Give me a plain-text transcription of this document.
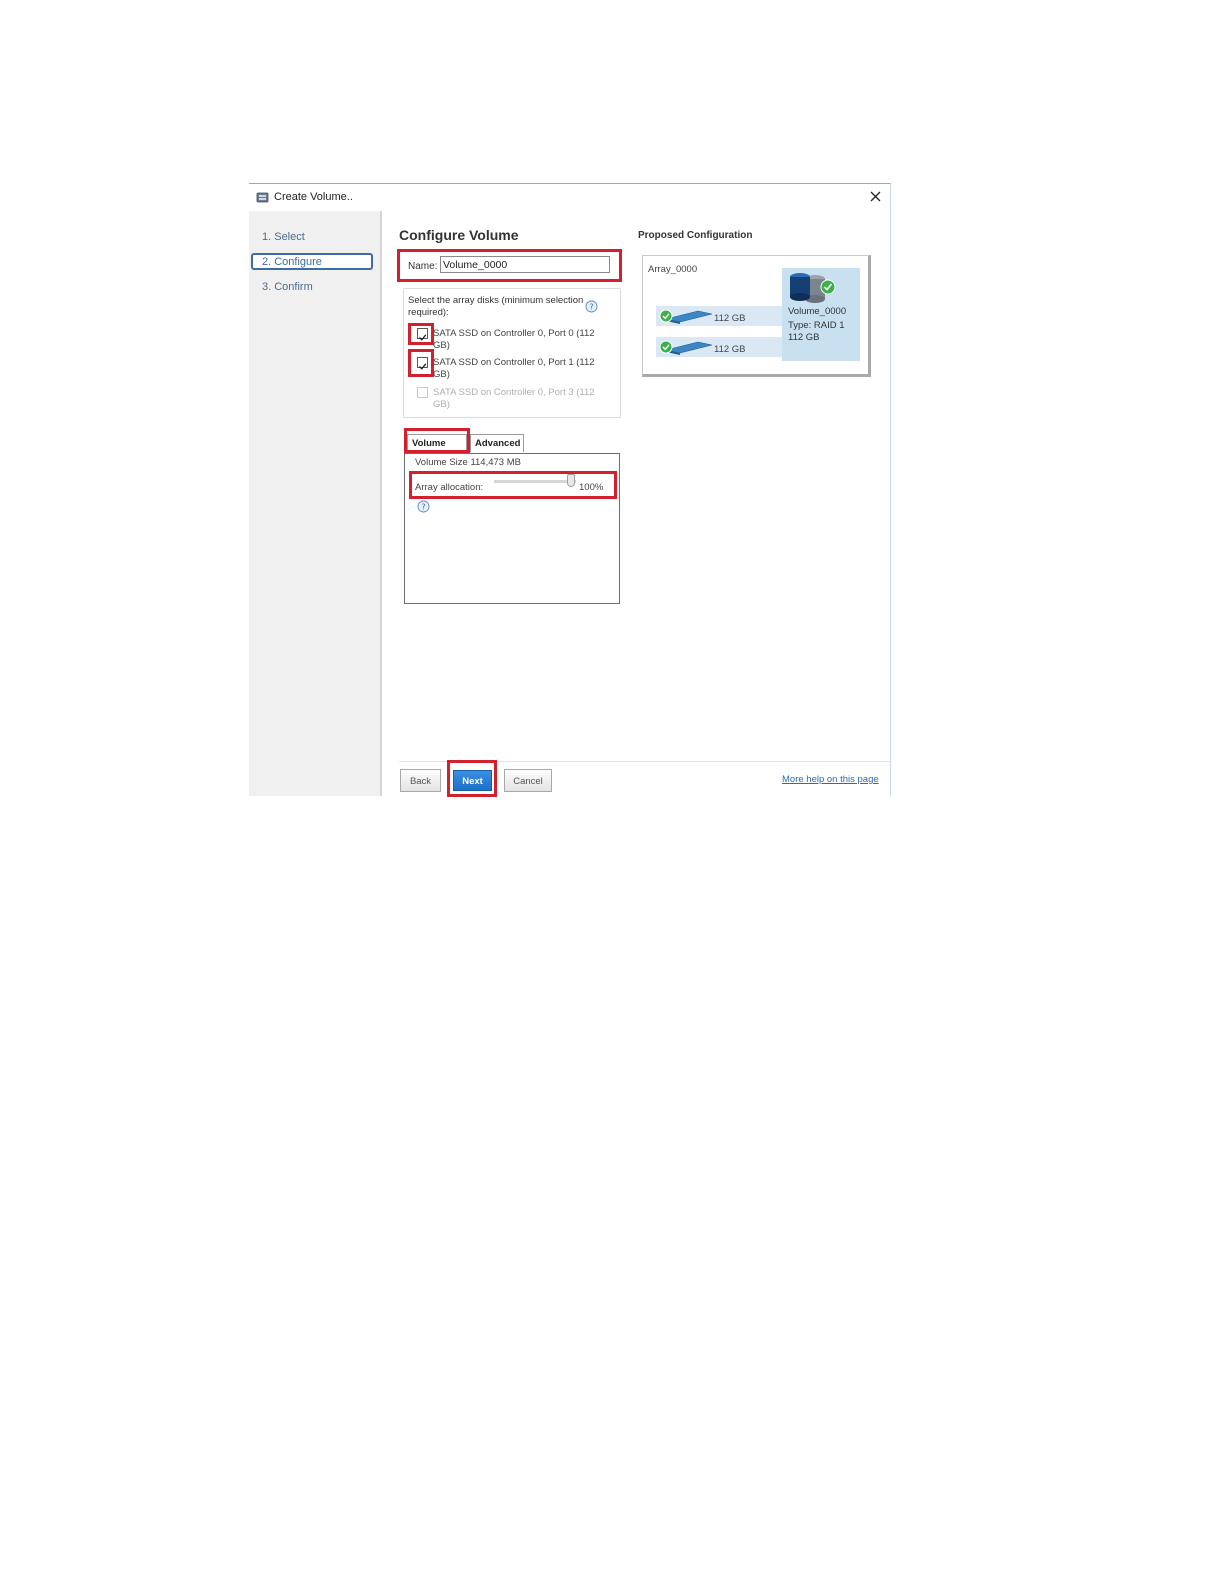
Create Volume..
1. Select
2. Configure
3. Confirm
Configure Volume
Name:
Volume_0000
Select the array disks (minimum selection required):	?
SATA SSD on Controller 0, Port 0 (112 GB)
SATA SSD on Controller 0, Port 1 (112 GB)
SATA SSD on Controller 0, Port 3 (112 GB)
Volume	Advanced
Volume Size 114,473 MB
Array allocation:	100%
?
Proposed Configuration
Array_0000
112 GB
112 GB
Volume_0000
Type: RAID 1
112 GB
Back	Next	Cancel	More help on this page
